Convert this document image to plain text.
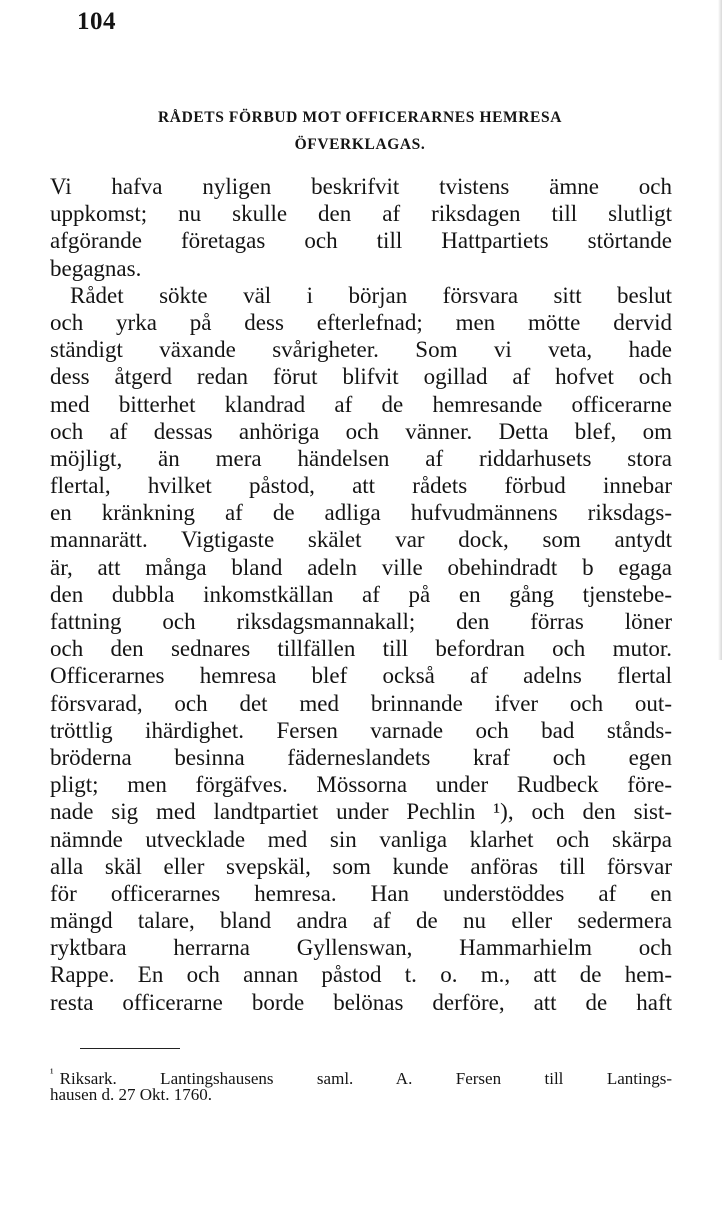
104
RÅDETS FÖRBUD MOT OFFICERARNES HEMRESA
ÖFVERKLAGAS.
Vi hafva nyligen beskrifvit tvistens ämne och
uppkomst; nu skulle den af riksdagen till slutligt
afgörande företagas och till Hattpartiets störtande
begagnas.
Rådet sökte väl i början försvara sitt beslut
och yrka på dess efterlefnad; men mötte dervid
ständigt växande svårigheter. Som vi veta, hade
dess åtgerd redan förut blifvit ogillad af hofvet och
med bitterhet klandrad af de hemresande officerarne
och af dessas anhöriga och vänner. Detta blef, om
möjligt, än mera händelsen af riddarhusets stora
flertal, hvilket påstod, att rådets förbud innebar
en kränkning af de adliga hufvudmännens riksdags-
mannarätt. Vigtigaste skälet var dock, som antydt
är, att många bland adeln ville obehindradt b egaga
den dubbla inkomstkällan af på en gång tjenstebe-
fattning och riksdagsmannakall; den förras löner
och den sednares tillfällen till befordran och mutor.
Officerarnes hemresa blef också af adelns flertal
försvarad, och det med brinnande ifver och out-
tröttlig ihärdighet. Fersen varnade och bad stånds-
bröderna besinna fäderneslandets kraf och egen
pligt; men förgäfves. Mössorna under Rudbeck före-
nade sig med landtpartiet under Pechlin ¹), och den sist-
nämnde utvecklade med sin vanliga klarhet och skärpa
alla skäl eller svepskäl, som kunde anföras till försvar
för officerarnes hemresa. Han understöddes af en
mängd talare, bland andra af de nu eller sedermera
ryktbara herrarna Gyllenswan, Hammarhielm och
Rappe. En och annan påstod t. o. m., att de hem-
resta officerarne borde belönas derföre, att de haft
$^{^1}$ Riksark. Lantingshausens saml. A. Fersen till Lantings-
hausen d. 27 Okt. 1760.
